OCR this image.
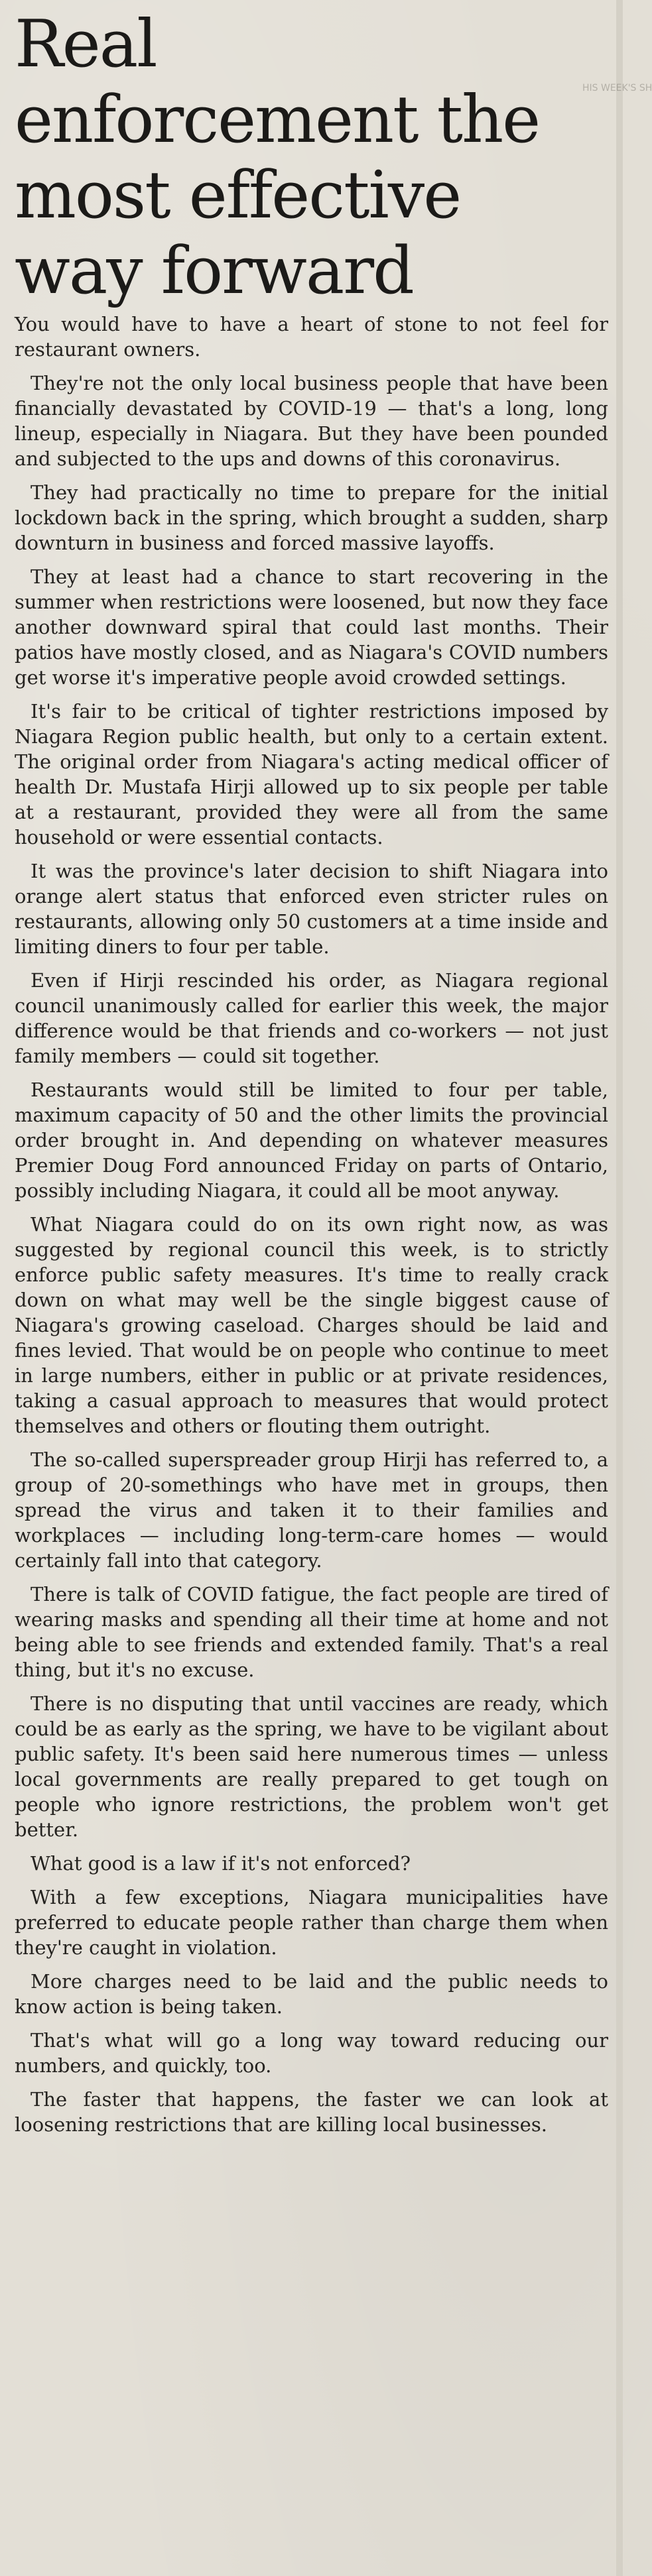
HIS WEEK'S SH
Real enforcement the most effective way forward

You would have to have a heart of stone to not feel for restaurant owners.

They're not the only local business people that have been financially devastated by COVID-19 — that's a long, long lineup, especially in Niagara. But they have been pounded and subjected to the ups and downs of this coronavirus.

They had practically no time to prepare for the initial lockdown back in the spring, which brought a sudden, sharp downturn in business and forced massive layoffs.

They at least had a chance to start recovering in the summer when restrictions were loosened, but now they face another downward spiral that could last months. Their patios have mostly closed, and as Niagara's COVID numbers get worse it's imperative people avoid crowded settings.

It's fair to be critical of tighter restrictions imposed by Niagara Region public health, but only to a certain extent. The original order from Niagara's acting medical officer of health Dr. Mustafa Hirji allowed up to six people per table at a restaurant, provided they were all from the same household or were essential contacts.

It was the province's later decision to shift Niagara into orange alert status that enforced even stricter rules on restaurants, allowing only 50 customers at a time inside and limiting diners to four per table.

Even if Hirji rescinded his order, as Niagara regional council unanimously called for earlier this week, the major difference would be that friends and co-workers — not just family members — could sit together.

Restaurants would still be limited to four per table, maximum capacity of 50 and the other limits the provincial order brought in. And depending on whatever measures Premier Doug Ford announced Friday on parts of Ontario, possibly including Niagara, it could all be moot anyway.

What Niagara could do on its own right now, as was suggested by regional council this week, is to strictly enforce public safety measures. It's time to really crack down on what may well be the single biggest cause of Niagara's growing caseload. Charges should be laid and fines levied. That would be on people who continue to meet in large numbers, either in public or at private residences, taking a casual approach to measures that would protect themselves and others or flouting them outright.

The so-called superspreader group Hirji has referred to, a group of 20-somethings who have met in groups, then spread the virus and taken it to their families and workplaces — including long-term-care homes — would certainly fall into that category.

There is talk of COVID fatigue, the fact people are tired of wearing masks and spending all their time at home and not being able to see friends and extended family. That's a real thing, but it's no excuse.

There is no disputing that until vaccines are ready, which could be as early as the spring, we have to be vigilant about public safety. It's been said here numerous times — unless local governments are really prepared to get tough on people who ignore restrictions, the problem won't get better.

What good is a law if it's not enforced?

With a few exceptions, Niagara municipalities have preferred to educate people rather than charge them when they're caught in violation.

More charges need to be laid and the public needs to know action is being taken.

That's what will go a long way toward reducing our numbers, and quickly, too.

The faster that happens, the faster we can look at loosening restrictions that are killing local businesses.
